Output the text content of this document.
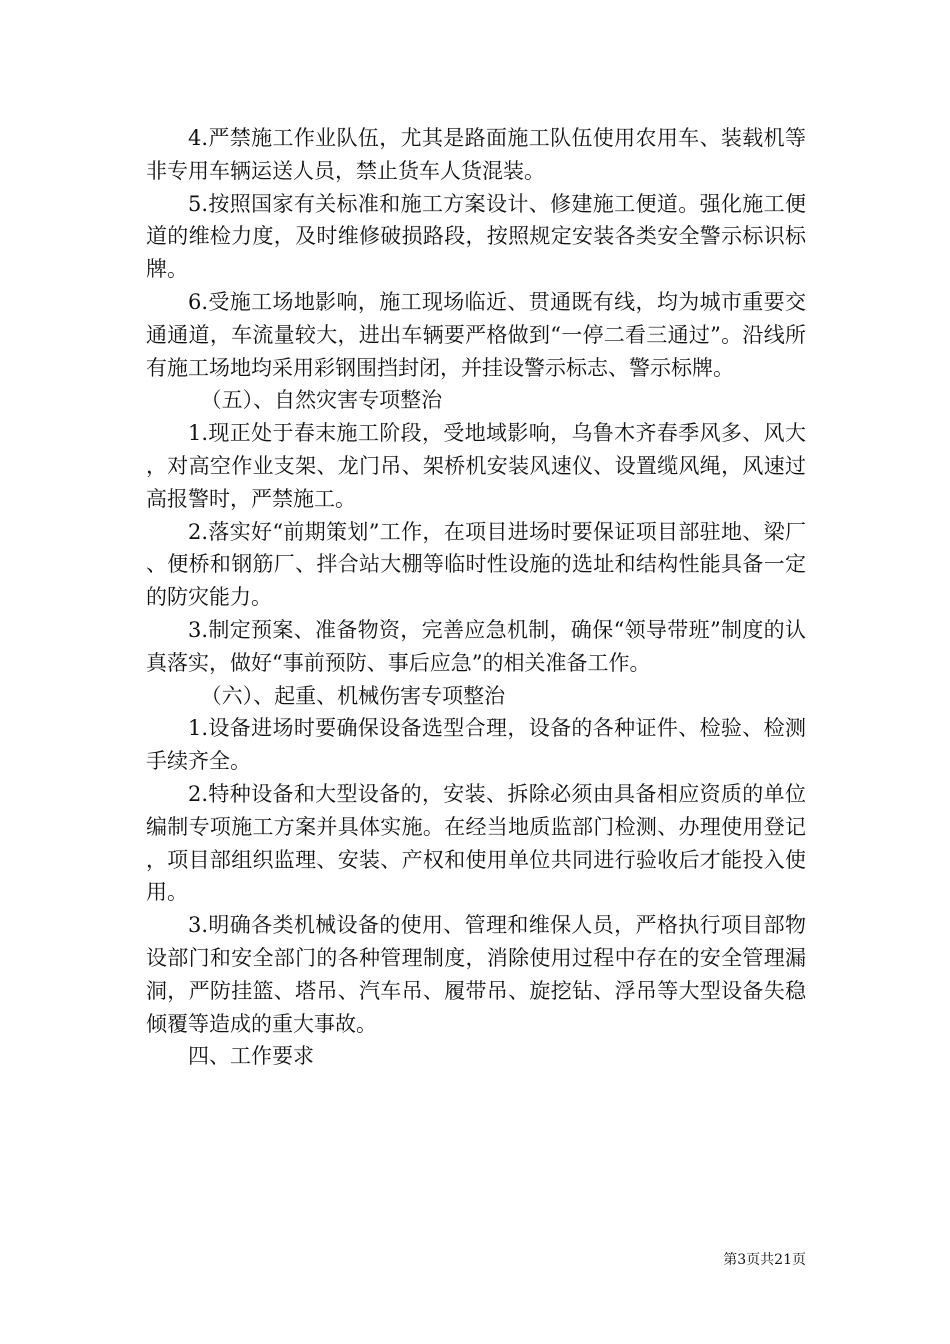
4.严禁施工作业队伍，尤其是路面施工队伍使用农用车、装载机等非专用车辆运送人员，禁止货车人货混装。

5.按照国家有关标准和施工方案设计、修建施工便道。强化施工便道的维检力度，及时维修破损路段，按照规定安装各类安全警示标识标牌。

6.受施工场地影响，施工现场临近、贯通既有线，均为城市重要交通通道，车流量较大，进出车辆要严格做到“一停二看三通过”。沿线所有施工场地均采用彩钢围挡封闭，并挂设警示标志、警示标牌。

（五）、自然灾害专项整治

1.现正处于春末施工阶段，受地域影响，乌鲁木齐春季风多、风大，对高空作业支架、龙门吊、架桥机安装风速仪、设置缆风绳，风速过高报警时，严禁施工。

2.落实好“前期策划”工作，在项目进场时要保证项目部驻地、梁厂、便桥和钢筋厂、拌合站大棚等临时性设施的选址和结构性能具备一定的防灾能力。

3.制定预案、准备物资，完善应急机制，确保“领导带班”制度的认真落实，做好“事前预防、事后应急”的相关准备工作。

（六）、起重、机械伤害专项整治

1.设备进场时要确保设备选型合理，设备的各种证件、检验、检测手续齐全。

2.特种设备和大型设备的，安装、拆除必须由具备相应资质的单位编制专项施工方案并具体实施。在经当地质监部门检测、办理使用登记，项目部组织监理、安装、产权和使用单位共同进行验收后才能投入使用。

3.明确各类机械设备的使用、管理和维保人员，严格执行项目部物设部门和安全部门的各种管理制度，消除使用过程中存在的安全管理漏洞，严防挂篮、塔吊、汽车吊、履带吊、旋挖钻、浮吊等大型设备失稳倾覆等造成的重大事故。

四、工作要求

第3页共21页
